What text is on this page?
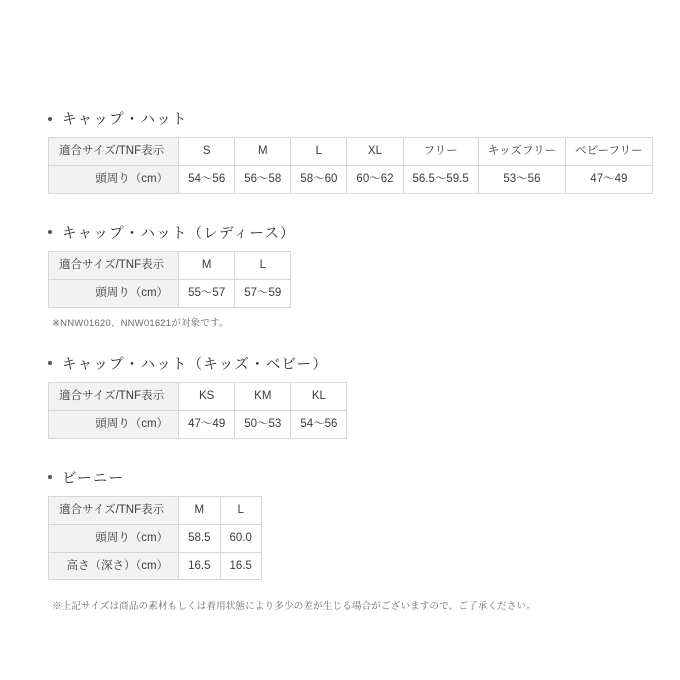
キャップ・ハット
適合サイズ/TNF表示	S	M	L	XL	フリー	キッズフリー	ベビーフリー
頭周り（cm）	54〜56	56〜58	58〜60	60〜62	56.5〜59.5	53〜56	47〜49
キャップ・ハット（レディース）
適合サイズ/TNF表示	M	L
頭周り（cm）	55〜57	57〜59
※NNW01620、NNW01621が対象です。
キャップ・ハット（キッズ・ベビー）
適合サイズ/TNF表示	KS	KM	KL
頭周り（cm）	47〜49	50〜53	54〜56
ビーニー
適合サイズ/TNF表示	M	L
頭周り（cm）	58.5	60.0
高さ（深さ）（cm）	16.5	16.5
※上記サイズは商品の素材もしくは着用状態により多少の差が生じる場合がございますので、ご了承ください。
